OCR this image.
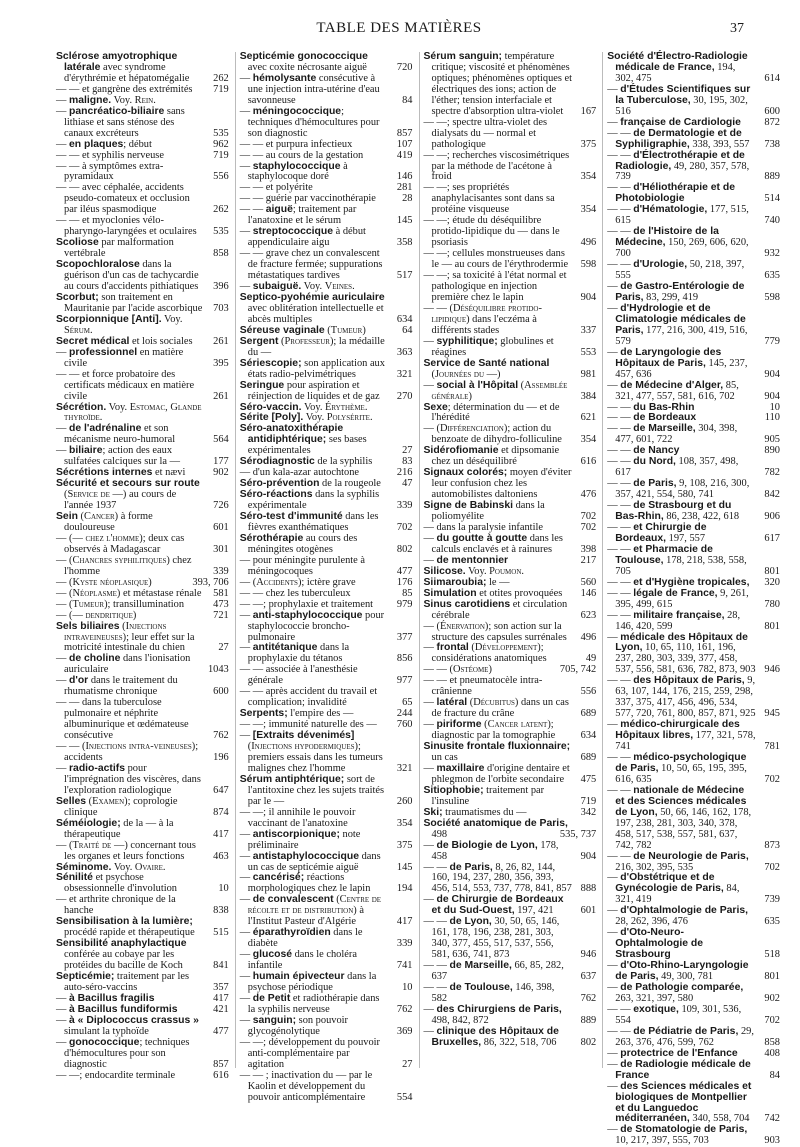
TABLE DES MATIÈRES	37
Sclérose amyotrophique latérale avec syndrome d'érythrémie et hépatomégalie 262
— — et gangrène des extrémités 719
— maligne. Voy. Rein.
— pancréatico-biliaire sans lithiase et sans sténose des canaux excréteurs	535
— en plaques; début	962
— — et syphilis nerveuse	719
— — à symptômes extra-pyramidaux	556
— — avec céphalée, accidents pseudo-comateux et occlusion par iléus spasmodique	262
— — et myoclonies vélo-pharyngo-laryngées et oculaires 535
Scoliose par malformation vertébrale	858
Scopochloralose dans la guérison d'un cas de tachycardie au cours d'accidents pithiatiques 396
Scorbut; son traitement en Mauritanie par l'acide ascorbique 703
Scorpionnique [Anti]. Voy. Sérum.
Secret médical et lois sociales 261
— professionnel en matière civile	395
— — et force probatoire des certificats médicaux en matière civile	261
Sécrétion. Voy. Estomac, Glande thyroïde.
— de l'adrénaline et son mécanisme neuro-humoral	564
— biliaire; action des eaux sulfatées calciques sur la —	177
Sécrétions internes et nævi	902
Sécurité et secours sur route (Service de —) au cours de l'année 1937	726
Sein (Cancer) à forme douloureuse	601
— (— chez l'homme); deux cas observés à Madagascar	301
— (Chancres syphilitiques) chez l'homme	339
— (Kyste néoplasique)	393, 706
— (Néoplasme) et métastase rénale 581
— (Tumeur); transillumination	473
— (— dendritique)	721
Sels biliaires (Injections intraveineuses); leur effet sur la motricité intestinale du chien	27
— de choline dans l'ionisation auriculaire	1043
— d'or dans le traitement du rhumatisme chronique	600
— — dans la tuberculose pulmonaire et néphrite albuminurique et œdémateuse consécutive	762
— — (Injections intra-veineuses); accidents	196
— radio-actifs pour l'imprégnation des viscères, dans l'exploration radiologique	647
Selles (Examen); coprologie clinique	874
Séméiologie; de la — à la thérapeutique	417
— (Traité de —) concernant tous les organes et leurs fonctions	463
Séminome. Voy. Ovaire.
Sénilité et psychose obsessionnelle d'involution	10
— et arthrite chronique de la hanche	838
Sensibilisation à la lumière; procédé rapide et thérapeutique 515
Sensibilité anaphylactique conférée au cobaye par les protéides du bacille de Koch	841
Septicémie; traitement par les auto-séro-vaccins	357
— à Bacillus fragilis	417
— à Bacillus fundiformis	421
— à « Diplococcus crassus » simulant la typhoïde	477
— gonococcique; techniques d'hémocultures pour son diagnostic	857
— —; endocardite terminale	616
Septicémie gonococcique avec coxite nécrosante aiguë	720
— hémolysante consécutive à une injection intra-utérine d'eau savonneuse	84
— méningococcique; techniques d'hémocultures pour son diagnostic	857
— — et purpura infectieux	107
— — au cours de la gestation	419
— staphylococcique à staphylocoque doré	146
— — et polyérite	281
— — guérie par vaccinothérapie	28
— — aiguë; traitement par l'anatoxine et le sérum	145
— streptococcique à début appendiculaire aigu	358
— — grave chez un convalescent de fracture fermée; suppurations métastatiques tardives	517
— subaiguë. Voy. Veines.
Septico-pyohémie auriculaire avec oblitération intellectuelle et abcès multiples	634
Séreuse vaginale (Tumeur)	64
Sergent (Professeur); la médaille du —	363
Sériescopie; son application aux états radio-pelvimétriques	321
Seringue pour aspiration et réinjection de liquides et de gaz 270
Séro-vaccin. Voy. Érythème.
Sérite [Poly]. Voy. Polysérite.
Séro-anatoxithérapie antidiphtérique; ses bases expérimentales	27
Sérodiagnostic de la syphilis	83
— d'un kala-azar autochtone	216
Séro-prévention de la rougeole 47
Séro-réactions dans la syphilis expérimentale	339
Séro-test d'immunité dans les fièvres exanthématiques	702
Sérothérapie au cours des méningites otogènes	802
— pour méningite purulente à méningocoques	477
— (Accidents); ictère grave	176
— — chez les tuberculeux	85
— —; prophylaxie et traitement 979
— anti-staphylococcique pour staphylococcie broncho-pulmonaire	377
— antitétanique dans la prophylaxie du tétanos	856
— — associée à l'anesthésie générale	977
— — après accident du travail et complication; invalidité	65
Serpents; l'empire des —	244
— —; immunité naturelle des — 760
— [Extraits dévenimés] (Injections hypodermiques); premiers essais dans les tumeurs malignes chez l'homme	321
Sérum antiphtérique; sort de l'antitoxine chez les sujets traités par le —	260
— —; il annihile le pouvoir vaccinant de l'anatoxine	354
— antiscorpionique; note préliminaire	375
— antistaphylococcique dans un cas de septicémie aiguë	145
— cancérisé; réactions morphologiques chez le lapin	194
— de convalescent (Centre de récolte et de distribution) à l'Institut Pasteur d'Algérie	417
— éparathyroïdien dans le diabète	339
— glucosé dans le choléra infantile	741
— humain épivecteur dans la psychose périodique	10
— de Petit et radiothérapie dans la syphilis nerveuse	762
— sanguin; son pouvoir glycogénolytique	369
— —; développement du pouvoir anti-complémentaire par agitation	27
— — ; inactivation du — par le Kaolin et développement du pouvoir anticomplémentaire	554
Sérum sanguin; température critique; viscosité et phénomènes optiques; phénomènes optiques et électriques des ions; action de l'éther; tension interfaciale et spectre d'absorption ultra-violet 167
— —; spectre ultra-violet des dialysats du — normal et pathologique	375
— —; recherches viscosimétriques par la méthode de l'acétone à froid	354
— —; ses propriétés anaphylacisantes sont dans sa protéine visqueuse	354
— —; étude du déséquilibre protido-lipidique du — dans le psoriasis	496
— —; cellules monstrueuses dans le — au cours de l'érythrodermie 598
— —; sa toxicité à l'état normal et pathologique en injection première chez le lapin	904
— — (Déséquilibre protido-lipidique) dans l'eczéma à différents stades	337
— syphilitique; globulines et réagines	553
Service de Santé national (Journées du —)	981
— social à l'Hôpital (Assemblée générale)	384
Sexe; détermination du — et de l'hérédité	621
— (Différenciation); action du benzoate de dihydro-folliculine 354
Sidérofiomanie et dipsomanie chez un déséquilibré	616
Signaux colorés; moyen d'éviter leur confusion chez les automobilistes daltoniens	476
Signe de Babinski dans la poliomyélite	702
— dans la paralysie infantile	702
— du goutte à goutte dans les calculs enclavés et à rainures	398
— de mentonnier	217
Silicose. Voy. Poumon.
Siimaroubia; le —	560
Simulation et otites provoquées 146
Sinus carotidiens et circulation cérébrale	623
— (Énervation); son action sur la structure des capsules surrénales 496
— frontal (Développement); considérations anatomiques	49
— — (Ostéome)	705, 742
— — et pneumatocèle intra-crânienne	556
— latéral (Décubitus) dans un cas de fracture du crâne	689
— piriforme (Cancer latent); diagnostic par la tomographie 634
Sinusite frontale fluxionnaire; un cas	689
— maxillaire d'origine dentaire et phlegmon de l'orbite secondaire 475
Sitiophobie; traitement par l'insuline	719
Ski; traumatismes du —	342
Société anatomique de Paris, 498	535, 737
— de Biologie de Lyon, 178, 458	904
— — de Paris, 8, 26, 82, 144, 160, 194, 237, 280, 356, 393, 456, 514, 553, 737, 778, 841, 857 888
— de Chirurgie de Bordeaux et du Sud-Ouest, 197, 421	601
— — de Lyon, 30, 50, 65, 146, 161, 178, 196, 238, 281, 303, 340, 377, 455, 517, 537, 556, 581, 636, 741, 873	946
— — de Marseille, 66, 85, 282, 637	637
— — de Toulouse, 146, 398, 582	762
— des Chirurgiens de Paris, 498, 842, 872	889
— clinique des Hôpitaux de Bruxelles, 86, 322, 518, 706 802
Société d'Électro-Radiologie médicale de France, 194, 302, 475	614
— d'Études Scientifiques sur la Tuberculose, 30, 195, 302, 516	600
— française de Cardiologie 872
— — de Dermatologie et de Syphiligraphie, 338, 393, 557 738
— — d'Électrothérapie et de Radiologie, 49, 280, 357, 578, 739	889
— — d'Héliothérapie et de Photobiologie	514
— — d'Hématologie, 177, 515, 615	740
— — de l'Histoire de la Médecine, 150, 269, 606, 620, 700	932
— — d'Urologie, 50, 218, 397, 555	635
— de Gastro-Entérologie de Paris, 83, 299, 419	598
— d'Hydrologie et de Climatologie médicales de Paris, 177, 216, 300, 419, 516, 579	779
— de Laryngologie des Hôpitaux de Paris, 145, 237, 457, 636	904
— de Médecine d'Alger, 85, 321, 477, 557, 581, 616, 702	904
— — du Bas-Rhin	10
— — de Bordeaux	110
— — de Marseille, 304, 398, 477, 601, 722	905
— — de Nancy	890
— — du Nord, 108, 357, 498, 617	782
— — de Paris, 9, 108, 216, 300, 357, 421, 554, 580, 741	842
— — de Strasbourg et du Bas-Rhin, 86, 238, 422, 618 906
— — et Chirurgie de Bordeaux, 197, 557	617
— — et Pharmacie de Toulouse, 178, 218, 538, 558, 705	801
— — et d'Hygiène tropicales, 320
— — légale de France, 9, 261, 395, 499, 615	780
— — militaire française, 28, 146, 420, 599	801
— médicale des Hôpitaux de Lyon, 10, 65, 110, 161, 196, 237, 280, 303, 339, 377, 458, 537, 556, 581, 636, 782, 873, 903 946
— — des Hôpitaux de Paris, 9, 63, 107, 144, 176, 215, 259, 298, 337, 375, 417, 456, 496, 534, 577, 720, 761, 800, 857, 871, 925 945
— médico-chirurgicale des Hôpitaux libres, 177, 321, 578, 741	781
— — médico-psychologique de Paris, 10, 50, 65, 195, 395, 616, 635	702
— — nationale de Médecine et des Sciences médicales de Lyon, 50, 66, 146, 162, 178, 197, 238, 281, 303, 340, 378, 458, 517, 538, 557, 581, 637, 742, 782	873
— — de Neurologie de Paris, 216, 302, 395, 535	702
— d'Obstétrique et de Gynécologie de Paris, 84, 321, 419	739
— d'Ophtalmologie de Paris, 28, 262, 396, 476	635
— d'Oto-Neuro-Ophtalmologie de Strasbourg	518
— d'Oto-Rhino-Laryngologie de Paris, 49, 300, 781	801
— de Pathologie comparée, 263, 321, 397, 580	902
— — exotique, 109, 301, 536, 554	702
— — de Pédiatrie de Paris, 29, 263, 376, 476, 599, 762	858
— protectrice de l'Enfance	408
— de Radiologie médicale de France	84
— des Sciences médicales et biologiques de Montpellier et du Languedoc méditerranéen, 340, 558, 704 742
— de Stomatologie de Paris, 10, 217, 397, 555, 703	903
